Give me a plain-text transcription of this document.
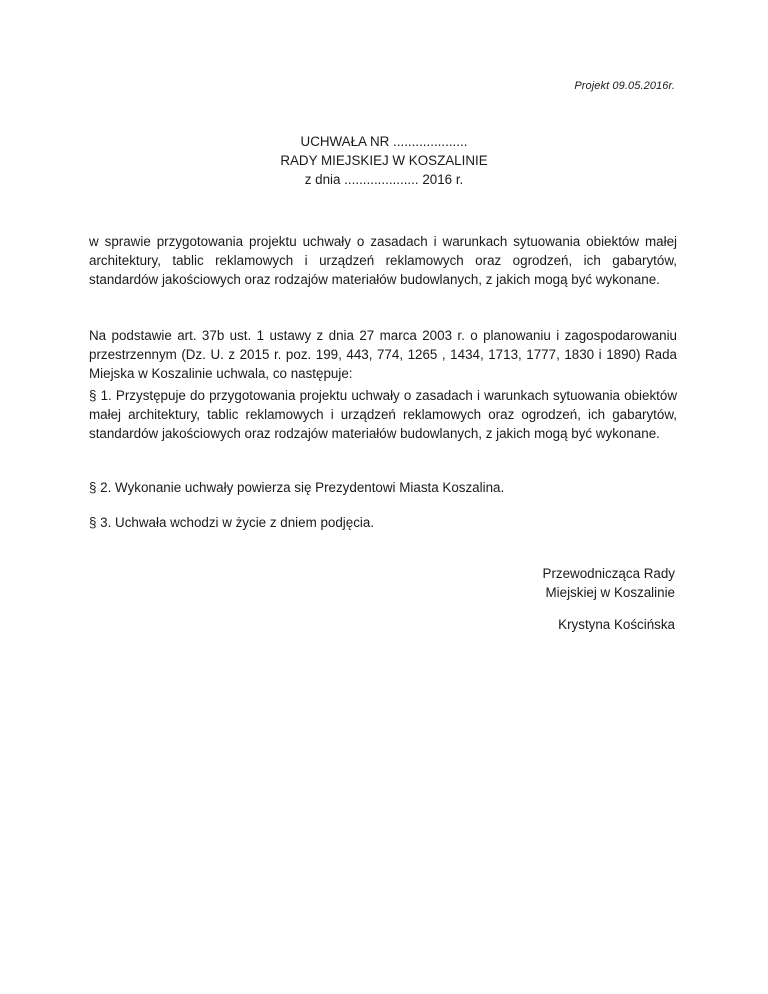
Projekt 09.05.2016r.
UCHWAŁA NR ....................
RADY MIEJSKIEJ W KOSZALINIE
z dnia .................... 2016 r.

w sprawie przygotowania projektu uchwały o zasadach i warunkach sytuowania obiektów małej architektury, tablic reklamowych i urządzeń reklamowych oraz ogrodzeń, ich gabarytów, standardów jakościowych oraz rodzajów materiałów budowlanych, z jakich mogą być wykonane.

Na podstawie art. 37b ust. 1 ustawy z dnia 27 marca 2003 r. o planowaniu i zagospodarowaniu przestrzennym (Dz. U. z 2015 r. poz. 199, 443, 774, 1265 , 1434, 1713, 1777, 1830 i 1890) Rada Miejska w Koszalinie uchwala, co następuje:

§ 1. Przystępuje do przygotowania projektu uchwały o zasadach i warunkach sytuowania obiektów małej architektury, tablic reklamowych i urządzeń reklamowych oraz ogrodzeń, ich gabarytów, standardów jakościowych oraz rodzajów materiałów budowlanych, z jakich mogą być wykonane.

§ 2. Wykonanie uchwały powierza się Prezydentowi Miasta Koszalina.

§ 3. Uchwała wchodzi w życie z dniem podjęcia.

Przewodnicząca Rady
Miejskiej w Koszalinie
Krystyna Kościńska
